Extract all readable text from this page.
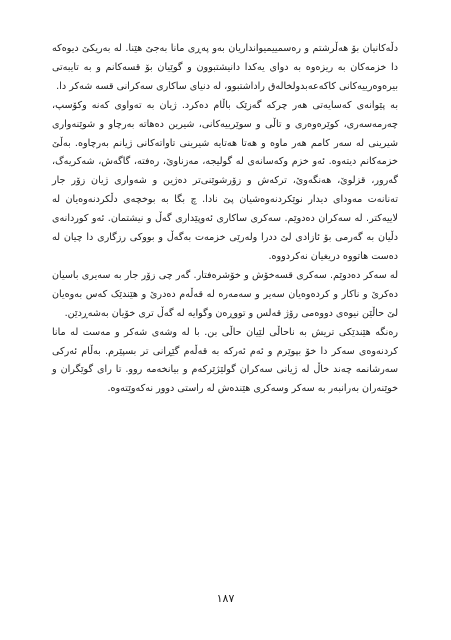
دڵەکانیان بۆ هەڵرشتم و رەسمییمیوانداریان بەو پەڕی مانا بەجێ هێنا. لە بەریکێ دیوەکە دا خزمەکان بە ریزەوە بە دوای یەکدا دانیشتبوون و گوێیان بۆ قسەکانم و بە تایبەتی بیرەوەرییەکانی کاکەعەبدولخالەق راداشتبوو، لە دنیای ساکاری سەکرانی قسە شەکر دا.

بە پێوانەی کەسایەتی هەر چرکە گەزێک باڵام دەکرد. ژیان بە تەواوی کەنە وکۆسپ، چەرمەسەری، کوێرەوەری و تاڵی و سوێرییەکانی، شیرین دەهاتە بەرچاو و شوێنەواری شیرینی لە سەر کامم هەر ماوە و هەتا هەتایە شیرینی تاواتەکانی ژیانم بەرچاوە. بەڵێ خزمەکانم دیتەوە. ئەو خزم وکەسانەی لە گولیجە، مەزناوێ، رەفتە، گاگەش، شەکریەگ، گەرور، قزلوێ، هەنگەوێ، ترکەش و زۆرشوێنی‌تر دەژین و شەواری ژیان زۆر جار تەنانەت مەودای دیدار نوێکردنەوەشیان پێ نادا. چ بگا بە بوخچەی دڵکردنەوەیان لە لاییەکتر. لە سەکران دەدوێم. سەکری ساکاری ئەوپێداری گەڵ و نیشتمان. ئەو کوردانەی دڵیان بە گەرمی بۆ ئازادی لێ ددرا ولەرێی خزمەت بەگەڵ و بووکی رزگاری دا چیان لە دەست هاتووە دریغیان نەکردووە.

لە سەکر دەدوێم. سەکری قسەخۆش و خۆشرەفتار. گەر چی زۆر جار بە سەیری باسیان دەکرێ و ناکار و کردەوەیان سەیر و سەمەرە لە قەڵەم دەدرێ و هێندێک کەس بەوەیان لێ حاڵێن نیوەی دووەمی رۆژ قەلس و تووڕەن وگوایە لە گەڵ تری خۆیان بەشەڕدێن.

رەنگە هێندێکی تریش بە ناحاڵی لێیان حاڵی بن. با لە وشەی شەکر و مەست لە مانا کردنەوەی سەکر دا خۆ بپوێرم و ئەم ئەرکە بە قەڵەم گێڕانی تر بسپێرم. بەڵام ئەرکی سەرشانمە چەند خاڵ لە ژیانی سەکران گولێژێرکەم و بیانخەمە روو. تا رای گوێگران و خوێنەران بەرانبەر بە سەکر وسەکری هێندەش لە راستی دوور نەکەوێتەوە.

١٨٧
